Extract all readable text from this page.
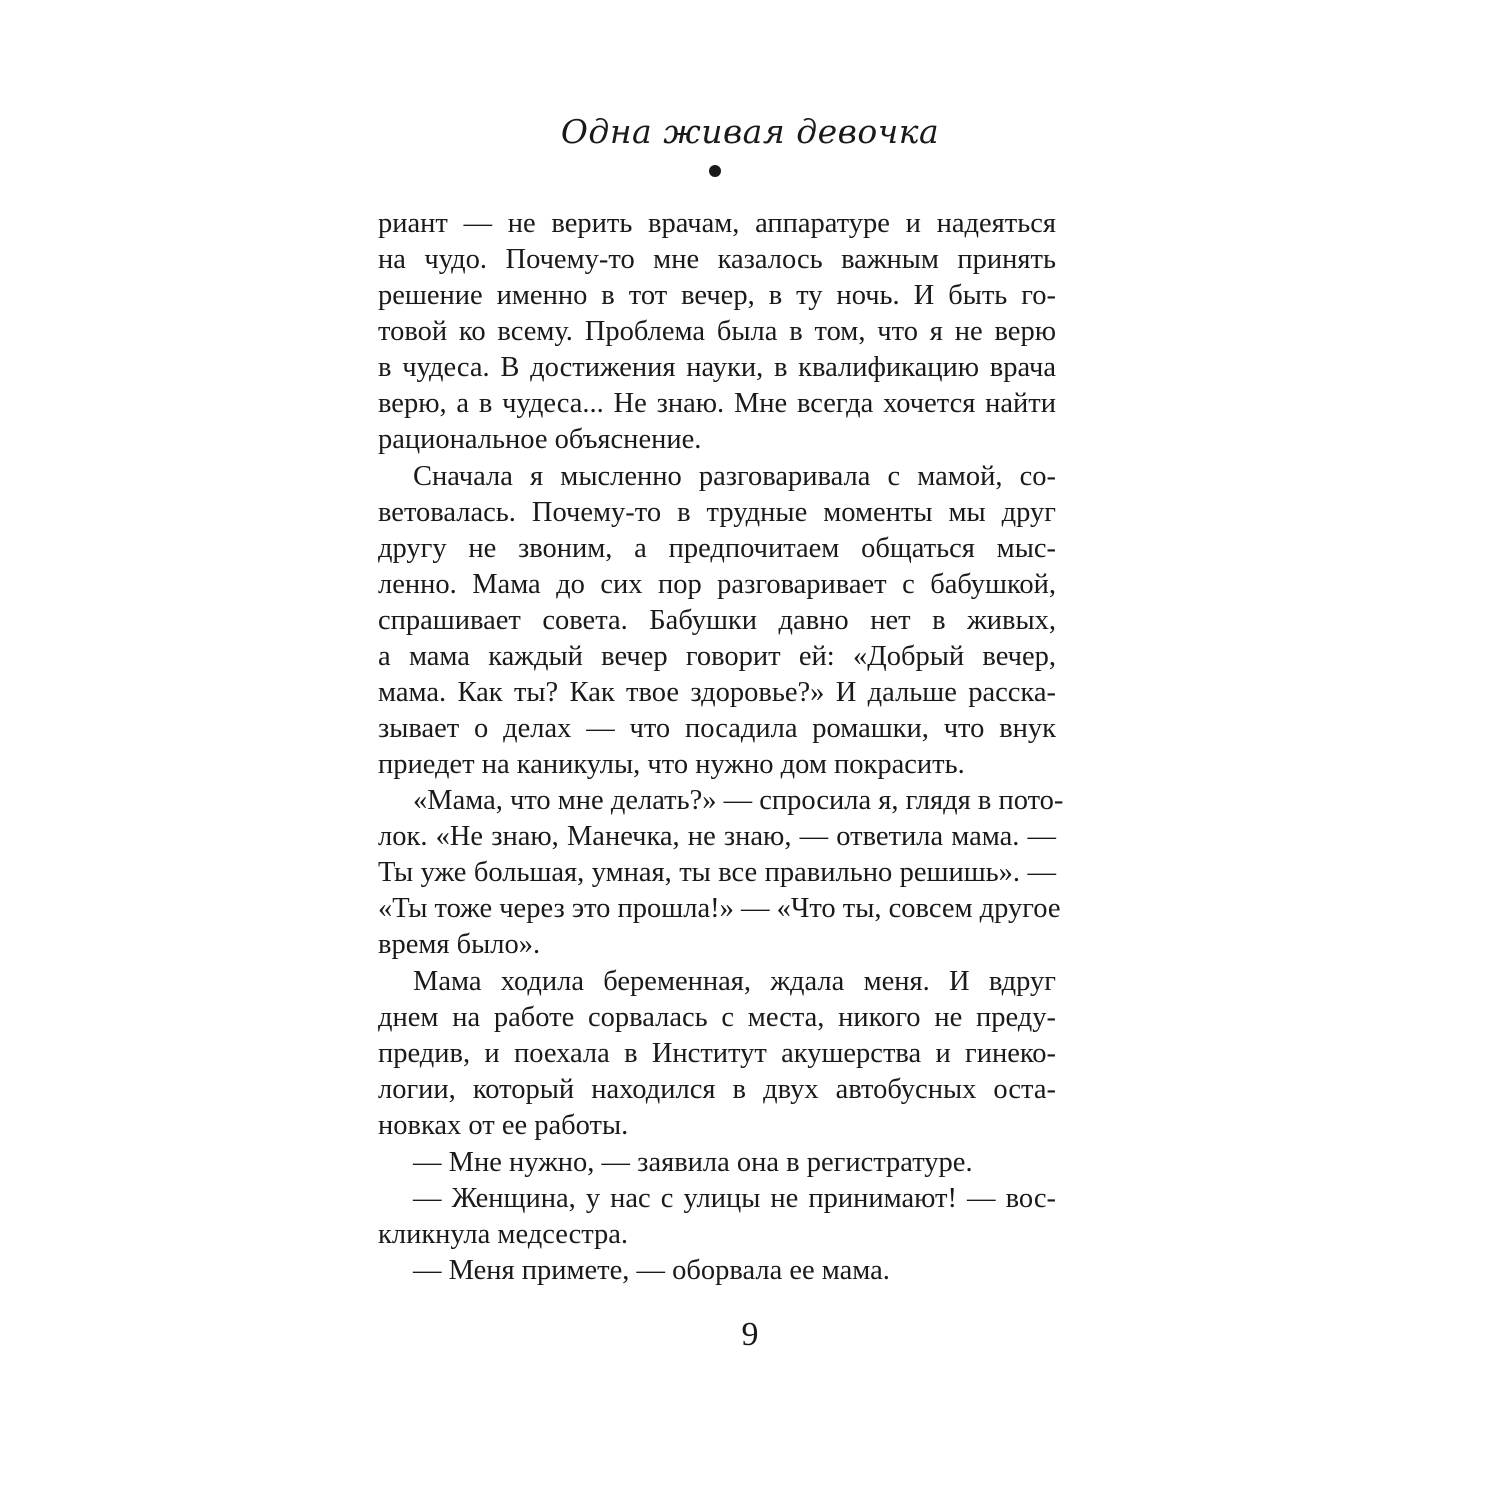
Одна живая девочка
риант — не верить врачам, аппаратуре и надеяться
на чудо. Почему-то мне казалось важным принять
решение именно в тот вечер, в ту ночь. И быть го-
товой ко всему. Проблема была в том, что я не верю
в чудеса. В достижения науки, в квалификацию врача
верю, а в чудеса... Не знаю. Мне всегда хочется найти
рациональное объяснение.
Сначала я мысленно разговаривала с мамой, со-
ветовалась. Почему-то в трудные моменты мы друг
другу не звоним, а предпочитаем общаться мыс-
ленно. Мама до сих пор разговаривает с бабушкой,
спрашивает совета. Бабушки давно нет в живых,
а мама каждый вечер говорит ей: «Добрый вечер,
мама. Как ты? Как твое здоровье?» И дальше расска-
зывает о делах — что посадила ромашки, что внук
приедет на каникулы, что нужно дом покрасить.
«Мама, что мне делать?» — спросила я, глядя в пото-
лок. «Не знаю, Манечка, не знаю, — ответила мама. —
Ты уже большая, умная, ты все правильно решишь». —
«Ты тоже через это прошла!» — «Что ты, совсем другое
время было».
Мама ходила беременная, ждала меня. И вдруг
днем на работе сорвалась с места, никого не преду-
предив, и поехала в Институт акушерства и гинеко-
логии, который находился в двух автобусных оста-
новках от ее работы.
— Мне нужно, — заявила она в регистратуре.
— Женщина, у нас с улицы не принимают! — вос-
кликнула медсестра.
— Меня примете, — оборвала ее мама.
9
